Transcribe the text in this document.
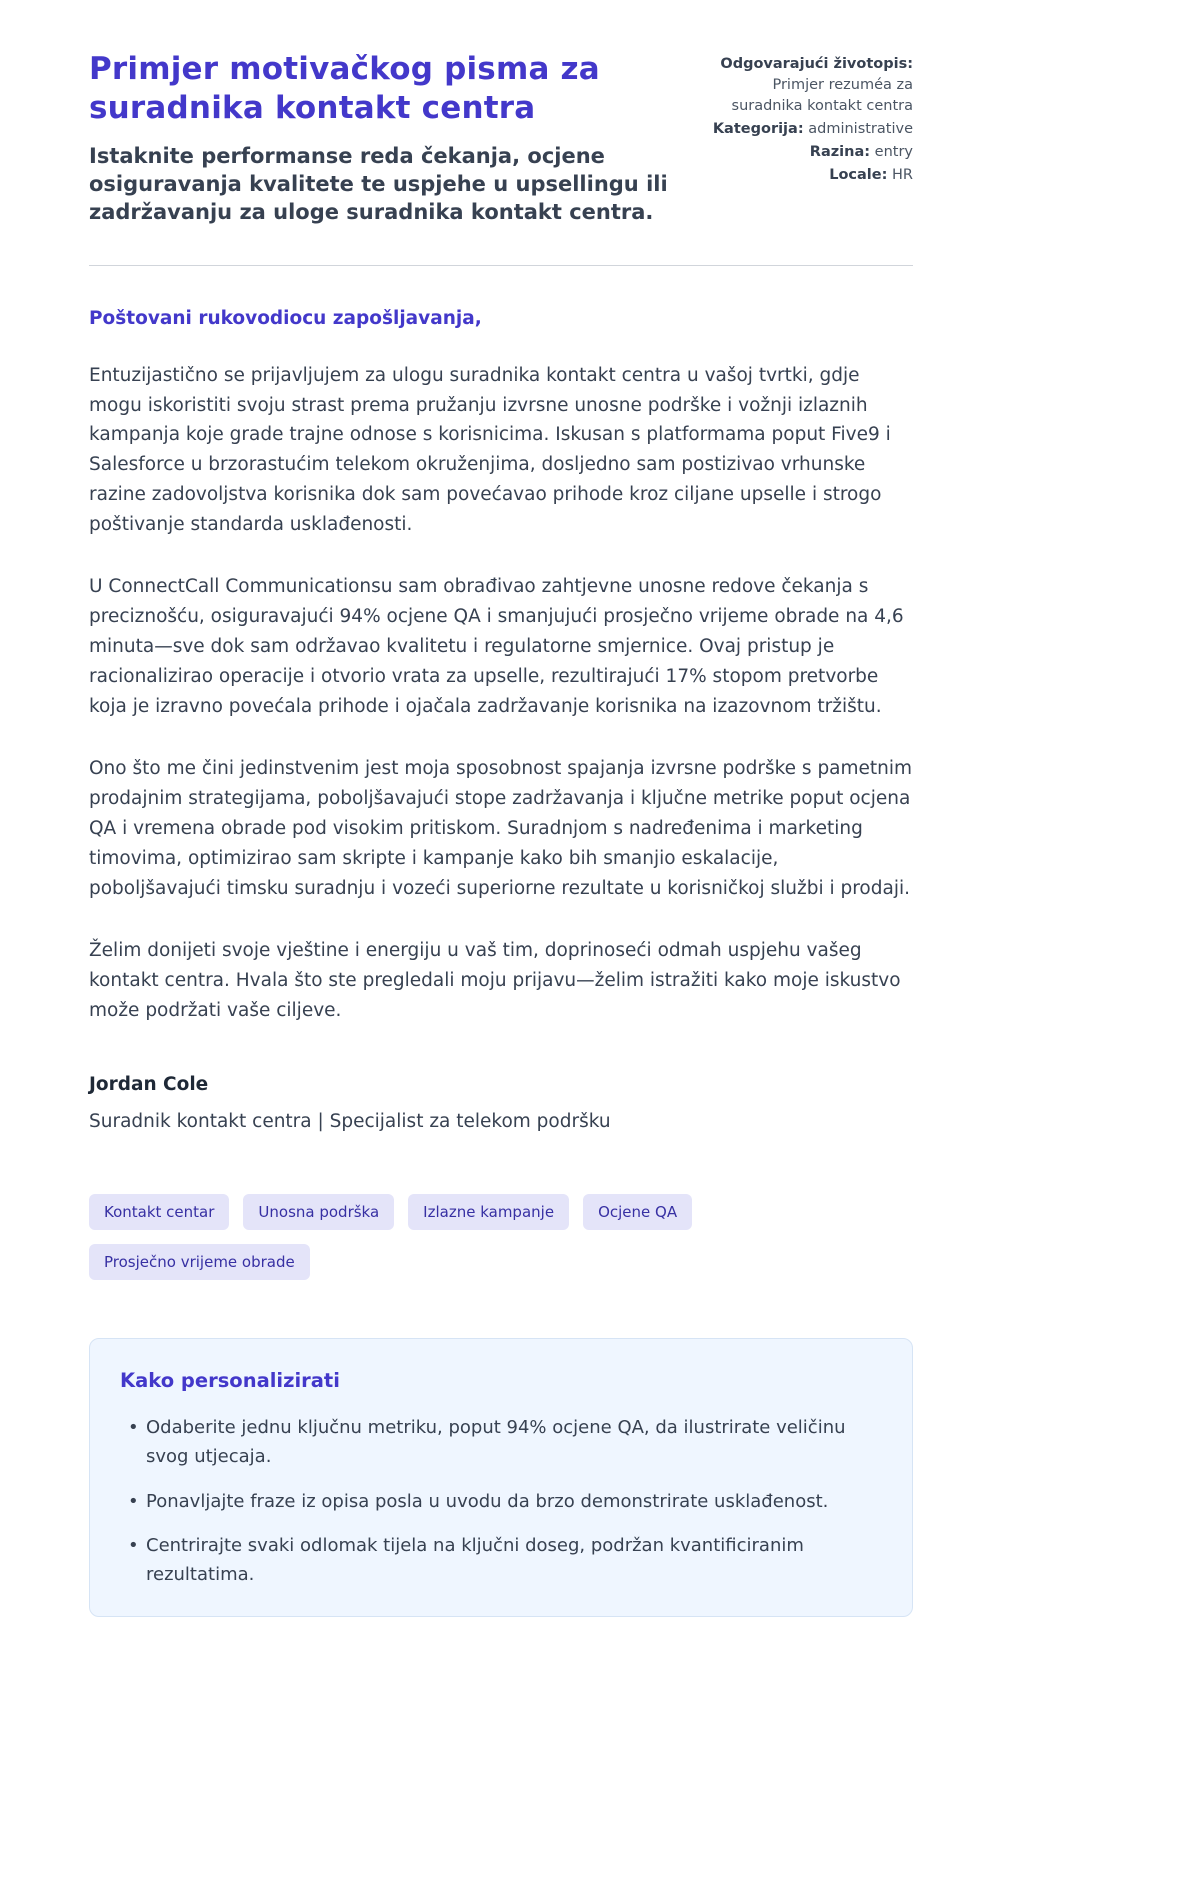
Primjer motivačkog pisma za suradnika kontakt centra

Istaknite performanse reda čekanja, ocjene osiguravanja kvalitete te uspjehe u upsellingu ili zadržavanju za uloge suradnika kontakt centra.

Odgovarajući životopis: Primjer rezuméa za suradnika kontakt centra
Kategorija: administrative
Razina: entry
Locale: HR

Poštovani rukovodiocu zapošljavanja,

Entuzijastično se prijavljujem za ulogu suradnika kontakt centra u vašoj tvrtki, gdje mogu iskoristiti svoju strast prema pružanju izvrsne unosne podrške i vožnji izlaznih kampanja koje grade trajne odnose s korisnicima. Iskusan s platformama poput Five9 i Salesforce u brzorastućim telekom okruženjima, dosljedno sam postizivao vrhunske razine zadovoljstva korisnika dok sam povećavao prihode kroz ciljane upselle i strogo poštivanje standarda usklađenosti.

U ConnectCall Communicationsu sam obrađivao zahtjevne unosne redove čekanja s preciznošću, osiguravajući 94% ocjene QA i smanjujući prosječno vrijeme obrade na 4,6 minuta—sve dok sam održavao kvalitetu i regulatorne smjernice. Ovaj pristup je racionalizirao operacije i otvorio vrata za upselle, rezultirajući 17% stopom pretvorbe koja je izravno povećala prihode i ojačala zadržavanje korisnika na izazovnom tržištu.

Ono što me čini jedinstvenim jest moja sposobnost spajanja izvrsne podrške s pametnim prodajnim strategijama, poboljšavajući stope zadržavanja i ključne metrike poput ocjena QA i vremena obrade pod visokim pritiskom. Suradnjom s nadređenima i marketing timovima, optimizirao sam skripte i kampanje kako bih smanjio eskalacije, poboljšavajući timsku suradnju i vozeći superiorne rezultate u korisničkoj službi i prodaji.

Želim donijeti svoje vještine i energiju u vaš tim, doprinoseći odmah uspjehu vašeg kontakt centra. Hvala što ste pregledali moju prijavu—želim istražiti kako moje iskustvo može podržati vaše ciljeve.

Jordan Cole

Suradnik kontakt centra | Specijalist za telekom podršku

Kontakt centar	Unosna podrška	Izlazne kampanje	Ocjene QA
Prosječno vrijeme obrade
Kako personalizirati
• Odaberite jednu ključnu metriku, poput 94% ocjene QA, da ilustrirate veličinu svog utjecaja.
• Ponavljajte fraze iz opisa posla u uvodu da brzo demonstrirate usklađenost.
• Centrirajte svaki odlomak tijela na ključni doseg, podržan kvantificiranim rezultatima.
